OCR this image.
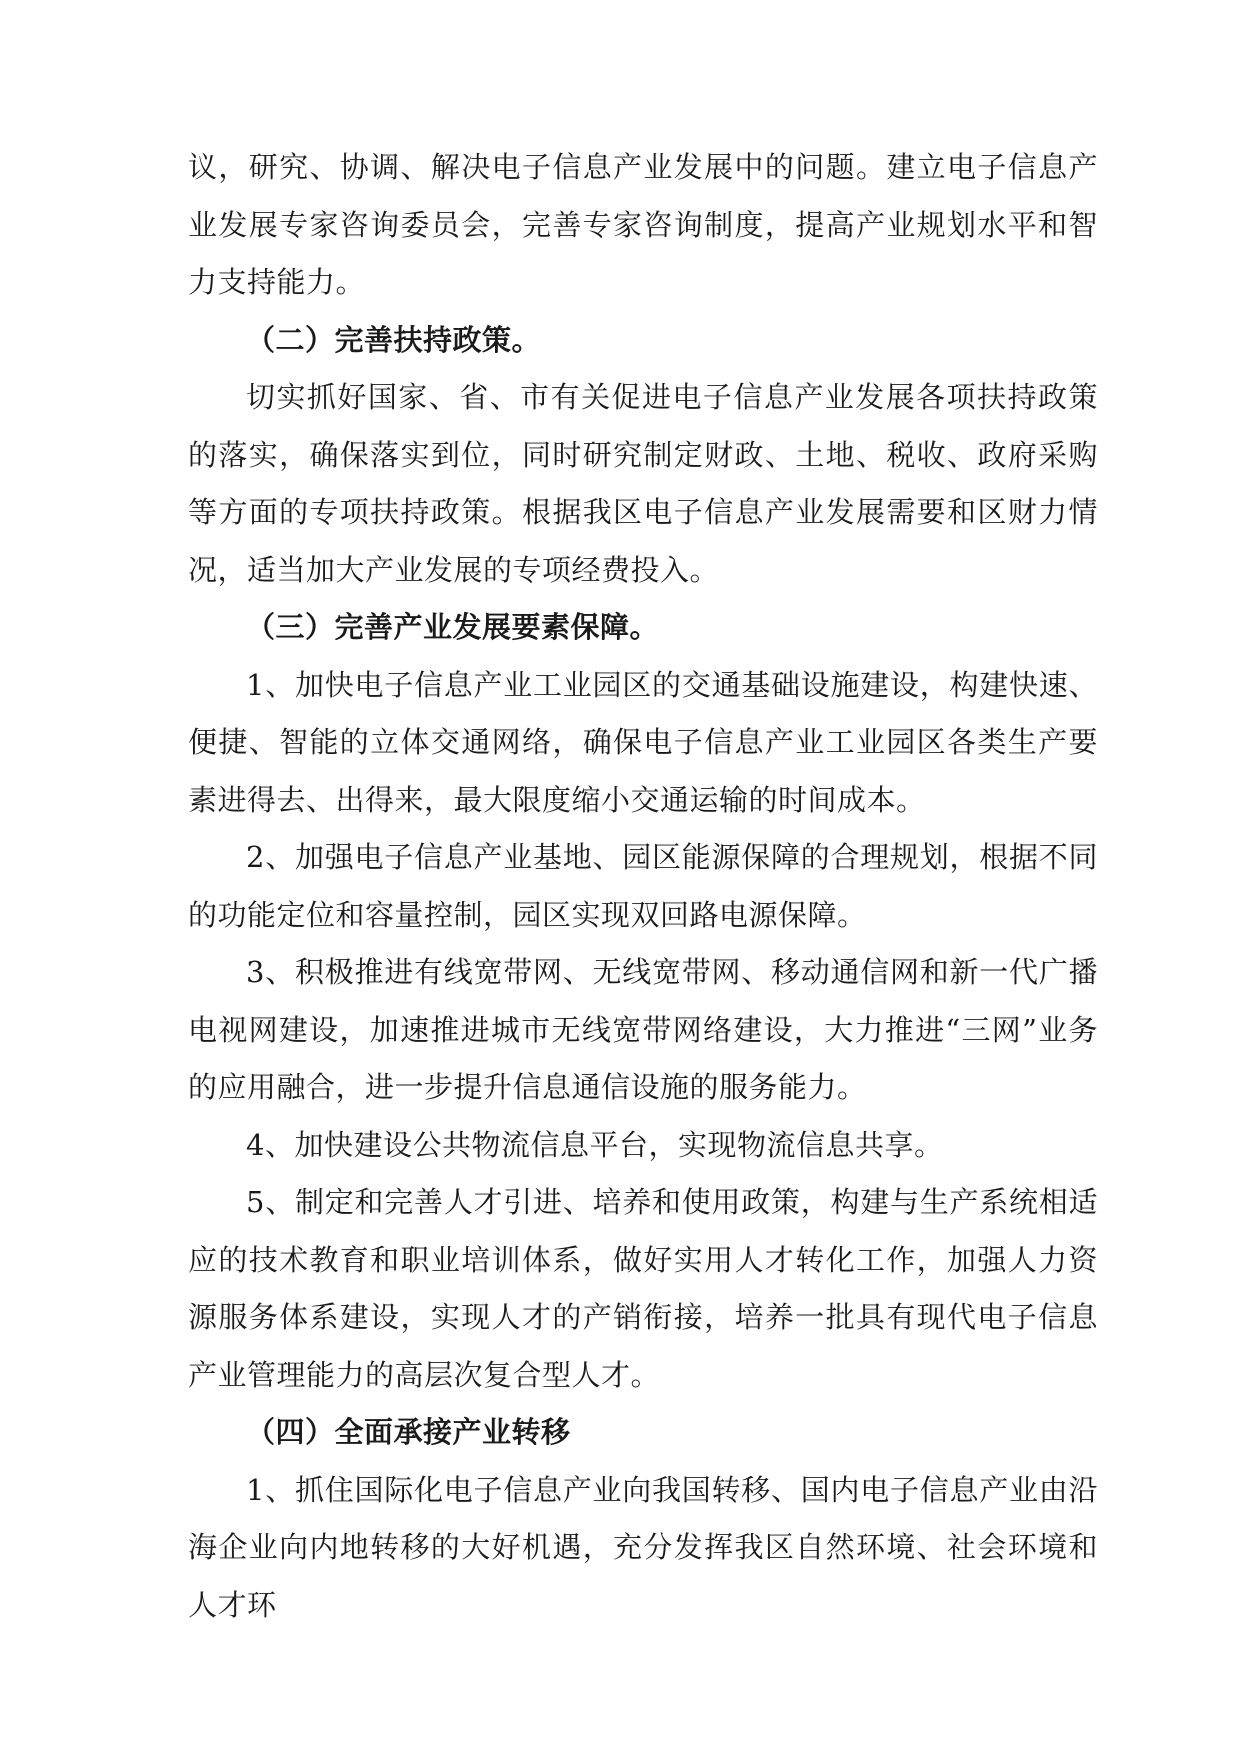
议，研究、协调、解决电子信息产业发展中的问题。建立电子信息产业发展专家咨询委员会，完善专家咨询制度，提高产业规划水平和智力支持能力。

（二）完善扶持政策。

切实抓好国家、省、市有关促进电子信息产业发展各项扶持政策的落实，确保落实到位，同时研究制定财政、土地、税收、政府采购等方面的专项扶持政策。根据我区电子信息产业发展需要和区财力情况，适当加大产业发展的专项经费投入。

（三）完善产业发展要素保障。

1、加快电子信息产业工业园区的交通基础设施建设，构建快速、便捷、智能的立体交通网络，确保电子信息产业工业园区各类生产要素进得去、出得来，最大限度缩小交通运输的时间成本。

2、加强电子信息产业基地、园区能源保障的合理规划，根据不同的功能定位和容量控制，园区实现双回路电源保障。

3、积极推进有线宽带网、无线宽带网、移动通信网和新一代广播电视网建设，加速推进城市无线宽带网络建设，大力推进“三网”业务的应用融合，进一步提升信息通信设施的服务能力。

4、加快建设公共物流信息平台，实现物流信息共享。

5、制定和完善人才引进、培养和使用政策，构建与生产系统相适应的技术教育和职业培训体系，做好实用人才转化工作，加强人力资源服务体系建设，实现人才的产销衔接，培养一批具有现代电子信息产业管理能力的高层次复合型人才。

（四）全面承接产业转移

1、抓住国际化电子信息产业向我国转移、国内电子信息产业由沿海企业向内地转移的大好机遇，充分发挥我区自然环境、社会环境和人才环
